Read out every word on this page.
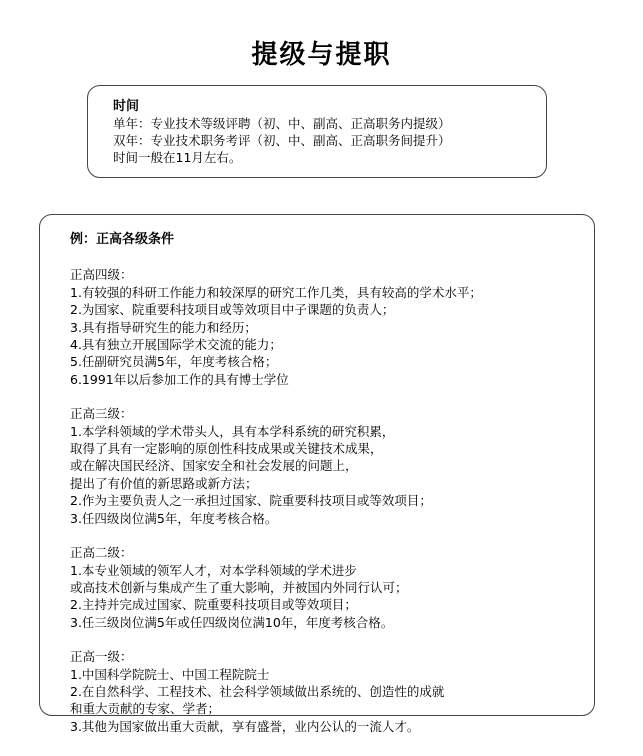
提级与提职
时间
单年：专业技术等级评聘（初、中、副高、正高职务内提级）
双年：专业技术职务考评（初、中、副高、正高职务间提升）
时间一般在11月左右。
例：正高各级条件
正高四级：
1.有较强的科研工作能力和较深厚的研究工作几类，具有较高的学术水平；
2.为国家、院重要科技项目或等效项目中子课题的负责人；
3.具有指导研究生的能力和经历；
4.具有独立开展国际学术交流的能力；
5.任副研究员满5年，年度考核合格；
6.1991年以后参加工作的具有博士学位
正高三级：
1.本学科领域的学术带头人，具有本学科系统的研究积累，
取得了具有一定影响的原创性科技成果或关键技术成果，
或在解决国民经济、国家安全和社会发展的问题上，
提出了有价值的新思路或新方法；
2.作为主要负责人之一承担过国家、院重要科技项目或等效项目；
3.任四级岗位满5年，年度考核合格。
正高二级：
1.本专业领域的领军人才，对本学科领域的学术进步
或高技术创新与集成产生了重大影响，并被国内外同行认可；
2.主持并完成过国家、院重要科技项目或等效项目；
3.任三级岗位满5年或任四级岗位满10年，年度考核合格。
正高一级：
1.中国科学院院士、中国工程院院士
2.在自然科学、工程技术、社会科学领域做出系统的、创造性的成就
和重大贡献的专家、学者；
3.其他为国家做出重大贡献，享有盛誉，业内公认的一流人才。
